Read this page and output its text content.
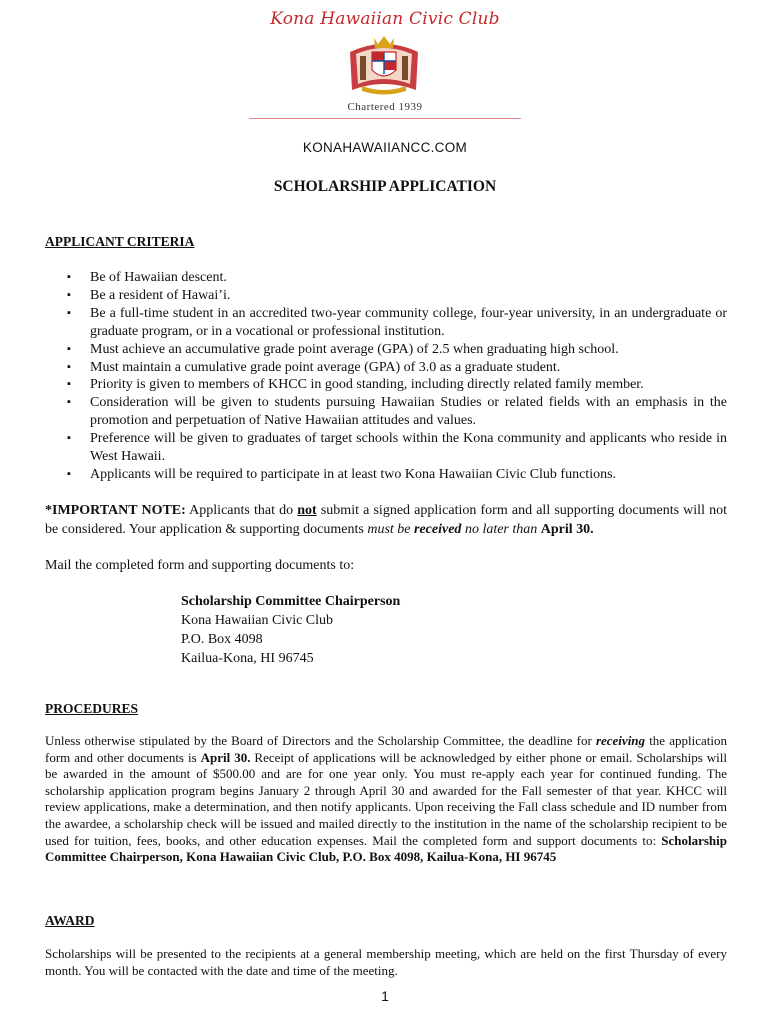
Kona Hawaiian Civic Club
Chartered 1939
KONAHAWAIIANCC.COM
SCHOLARSHIP APPLICATION
APPLICANT CRITERIA
▪ Be of Hawaiian descent.
▪ Be a resident of Hawai’i.
▪ Be a full-time student in an accredited two-year community college, four-year university, in an undergraduate or graduate program, or in a vocational or professional institution.
▪ Must achieve an accumulative grade point average (GPA) of 2.5 when graduating high school.
▪ Must maintain a cumulative grade point average (GPA) of 3.0 as a graduate student.
▪ Priority is given to members of KHCC in good standing, including directly related family member.
▪ Consideration will be given to students pursuing Hawaiian Studies or related fields with an emphasis in the promotion and perpetuation of Native Hawaiian attitudes and values.
▪ Preference will be given to graduates of target schools within the Kona community and applicants who reside in West Hawaii.
▪ Applicants will be required to participate in at least two Kona Hawaiian Civic Club functions.
*IMPORTANT NOTE: Applicants that do not submit a signed application form and all supporting documents will not be considered. Your application & supporting documents must be received no later than April 30.
Mail the completed form and supporting documents to:
Scholarship Committee Chairperson
Kona Hawaiian Civic Club
P.O. Box 4098
Kailua-Kona, HI 96745
PROCEDURES
Unless otherwise stipulated by the Board of Directors and the Scholarship Committee, the deadline for receiving the application form and other documents is April 30. Receipt of applications will be acknowledged by either phone or email. Scholarships will be awarded in the amount of $500.00 and are for one year only. You must re-apply each year for continued funding. The scholarship application program begins January 2 through April 30 and awarded for the Fall semester of that year. KHCC will review applications, make a determination, and then notify applicants. Upon receiving the Fall class schedule and ID number from the awardee, a scholarship check will be issued and mailed directly to the institution in the name of the scholarship recipient to be used for tuition, fees, books, and other education expenses. Mail the completed form and support documents to: Scholarship Committee Chairperson, Kona Hawaiian Civic Club, P.O. Box 4098, Kailua-Kona, HI 96745
AWARD
Scholarships will be presented to the recipients at a general membership meeting, which are held on the first Thursday of every month. You will be contacted with the date and time of the meeting.
1
